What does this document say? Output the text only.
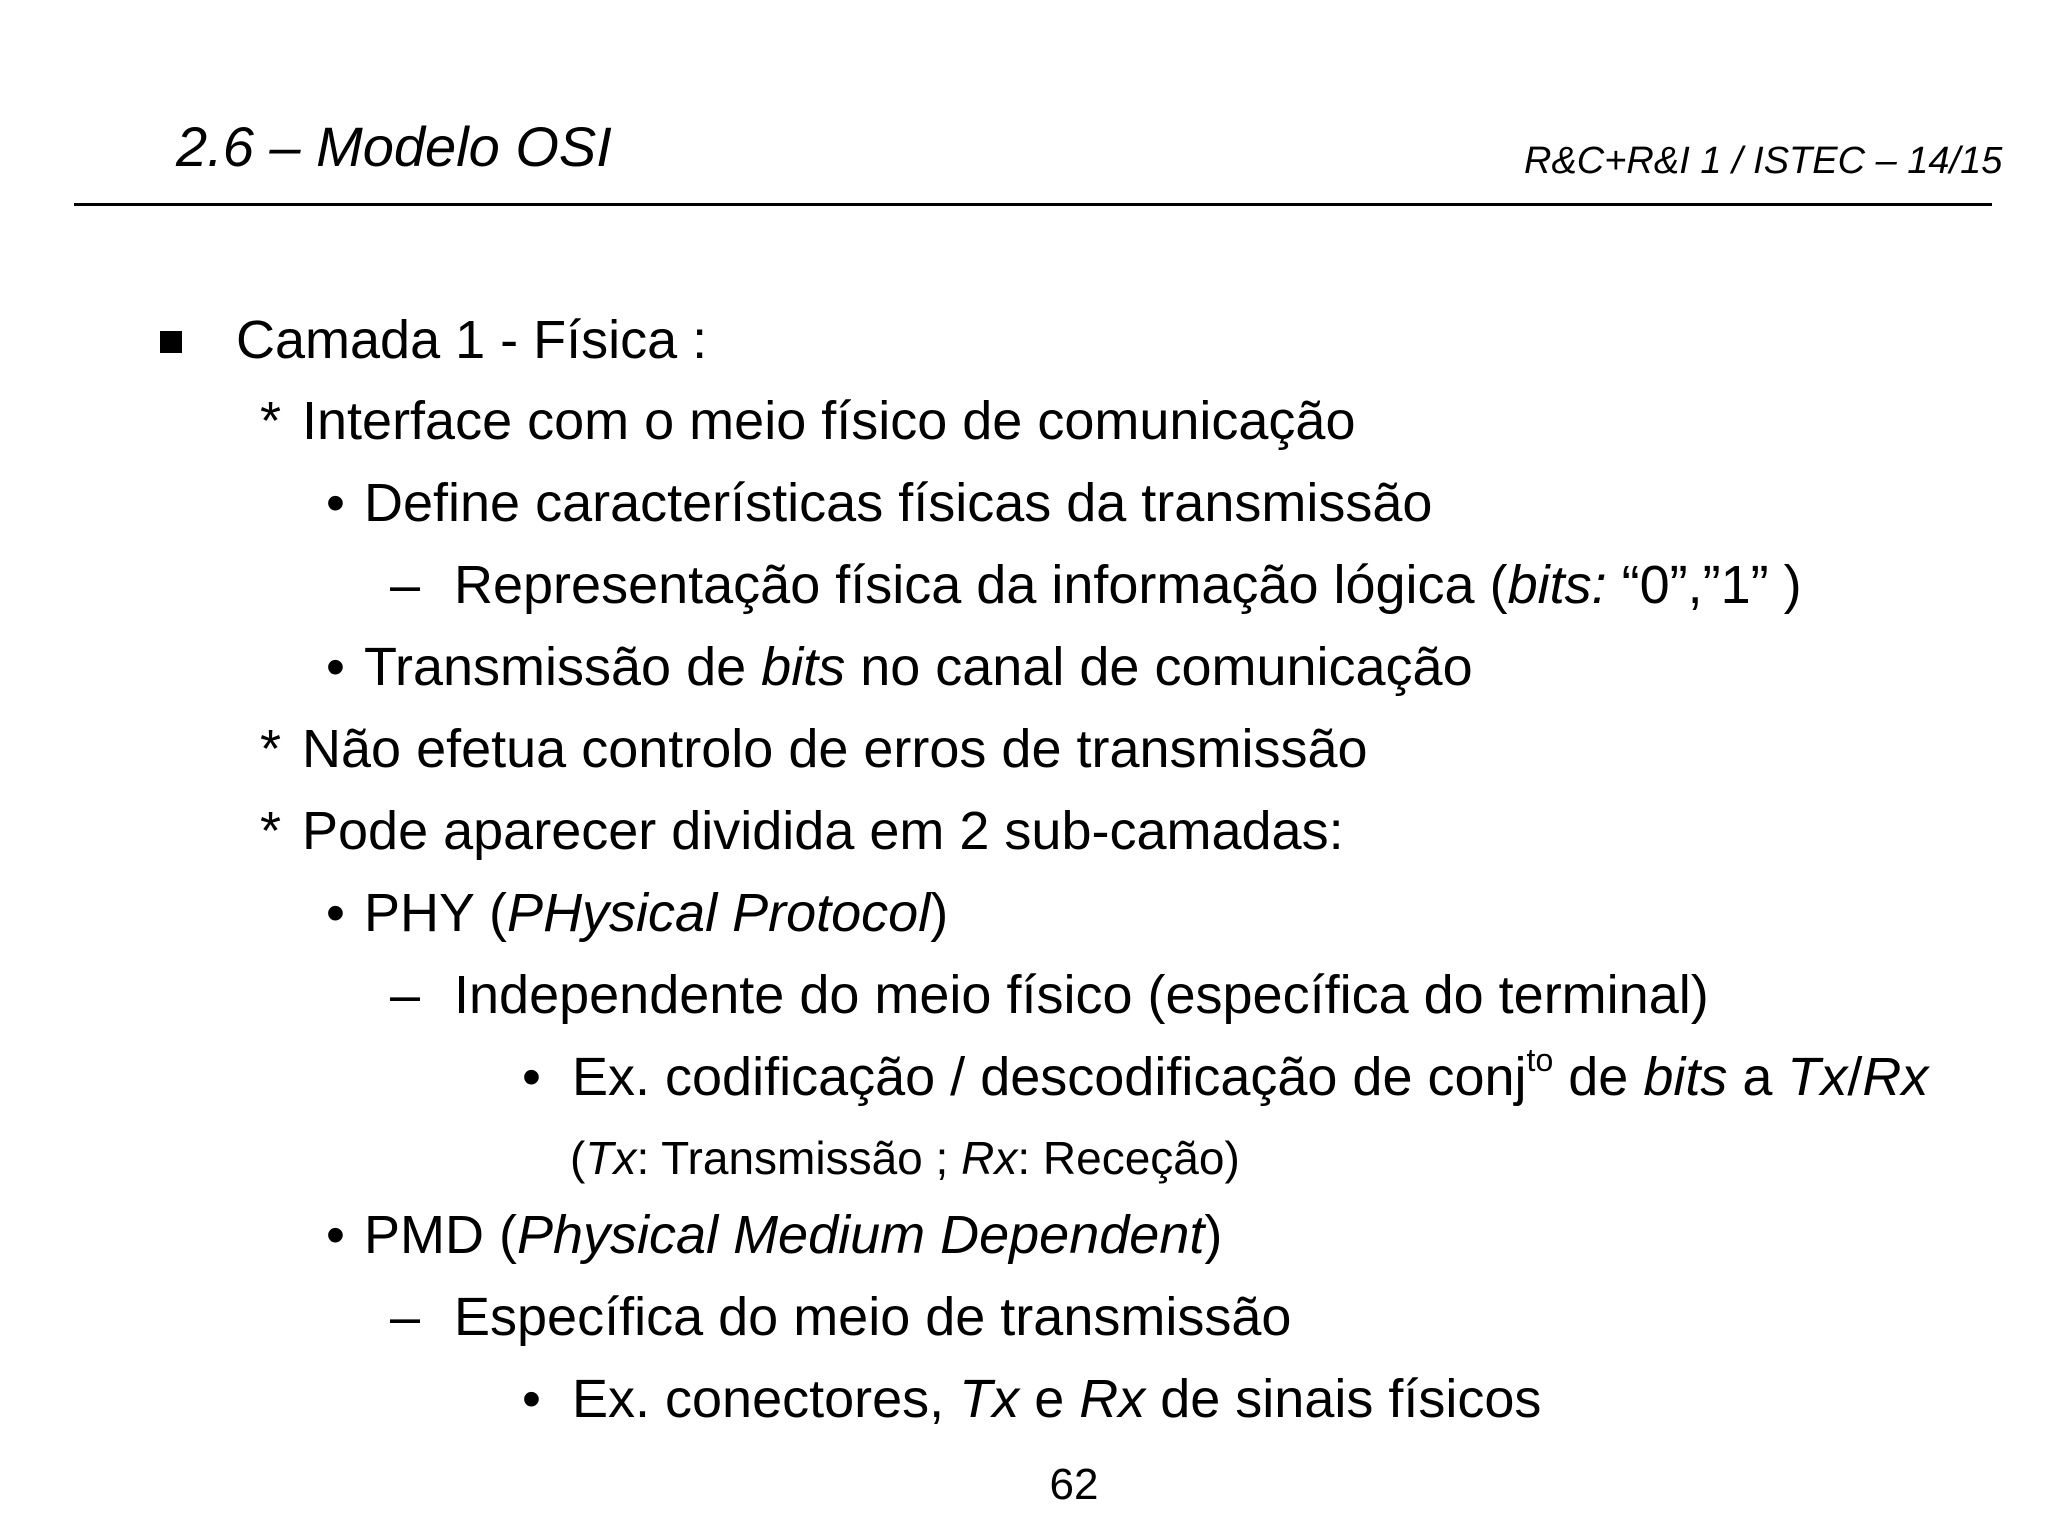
2.6 – Modelo OSI	R&C+R&I 1 / ISTEC – 14/15
Camada 1 - Física :
* Interface com o meio físico de comunicação
• Define características físicas da transmissão
– Representação física da informação lógica (bits: “0”,”1” )
• Transmissão de bits no canal de comunicação
* Não efetua controlo de erros de transmissão
* Pode aparecer dividida em 2 sub-camadas:
• PHY (PHysical Protocol)
– Independente do meio físico (específica do terminal)
• Ex. codificação / descodificação de conj$^{to}$ de bits a Tx/Rx
(Tx: Transmissão ; Rx: Receção)
• PMD (Physical Medium Dependent)
– Específica do meio de transmissão
• Ex. conectores, Tx e Rx de sinais físicos
62
